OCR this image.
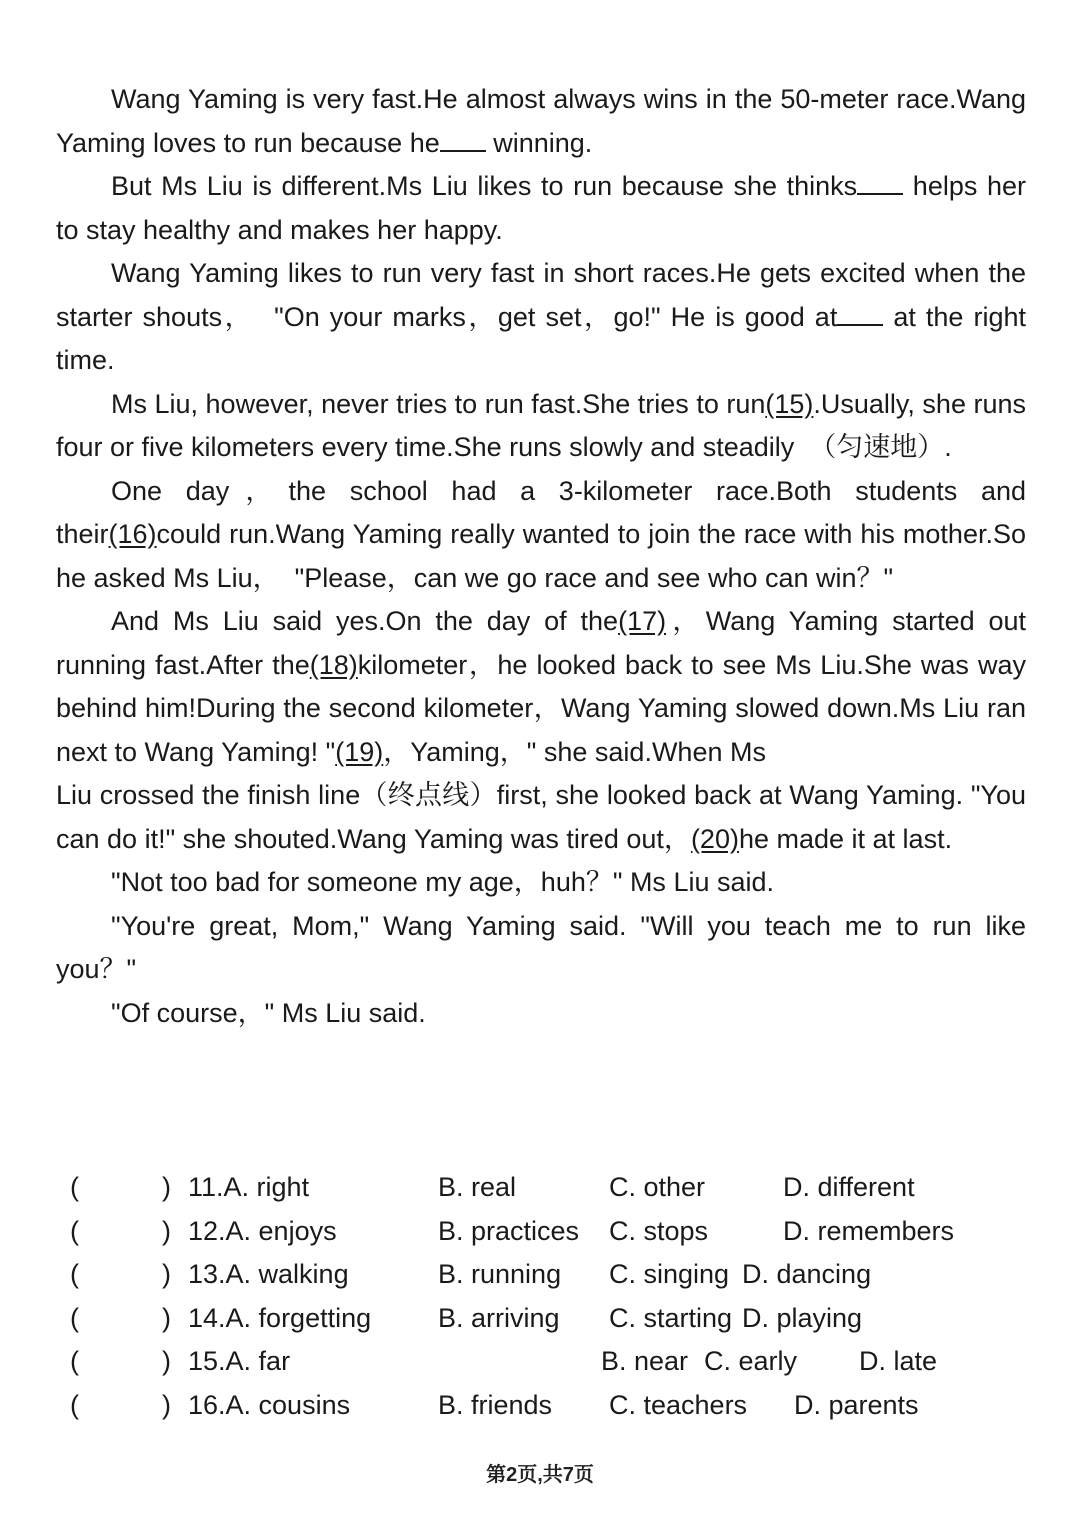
Wang Yaming is very fast.He almost always wins in the 50-meter race.Wang Yaming loves to run because he winning.

But Ms Liu is different.Ms Liu likes to run because she thinks helps her to stay healthy and makes her happy.

Wang Yaming likes to run very fast in short races.He gets excited when the starter shouts，  "On your marks，get set，go!" He is good at at the right time.

Ms Liu, however, never tries to run fast.She tries to run(15).Usually, she runs four or five kilometers every time.She runs slowly and steadily  （匀速地）.

One day，the school had a 3-kilometer race.Both students and their(16)could run.Wang Yaming really wanted to join the race with his mother.So he asked Ms Liu，  "Please，can we go race and see who can win？"

And Ms Liu said yes.On the day of the(17)，Wang Yaming started out running fast.After the(18)kilometer，he looked back to see Ms Liu.She was way behind him!During the second kilometer，Wang Yaming slowed down.Ms Liu ran next to Wang Yaming! "(19)，Yaming，" she said.When Ms
Liu crossed the finish line（终点线）first, she looked back at Wang Yaming. "You can do it!" she shouted.Wang Yaming was tired out，(20)he made it at last.

"Not too bad for someone my age，huh？" Ms Liu said.

"You're great, Mom," Wang Yaming said. "Will you teach me to run like you？"

"Of course，" Ms Liu said.

(	) 11.A. right	B. real	C. other	D. different
(	) 12.A. enjoys	B. practices C. stops	D. remembers
(	) 13.A. walking	B. running C. singing D. dancing
(	) 14.A. forgetting B. arriving C. starting D. playing
(	) 15.A. far	B. near C. early D. late
(	) 16.A. cousins	B. friends C. teachers D. parents
第2页,共7页
